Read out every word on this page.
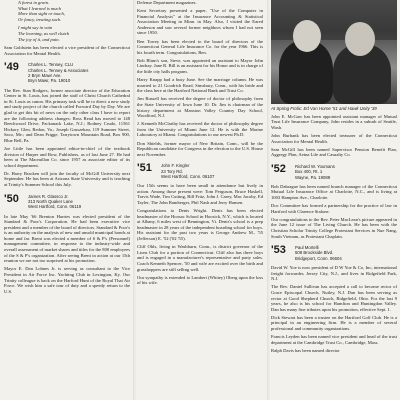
A forest in grain.
What I learned is much
More than sight or touch,
Or fancy, treating such.
I might say in vain
The learning, as well clutch
The joy of it, and pain.

Sam Goldstein has been elected a vice president of the Connecticut Association for Mental Health.

'49	Charles L. Tenney, CLU
Charles L. Tenney & Associates
2 Bryn Mawr Ave.
Bryn Mawr, Pa. 19010

The Rev. Stan Rodgers, former associate director of the Education Center in St. Louis, has joined the staff of Christ Church Cathedral in St. Louis as canon. His primary task will be to direct a new study and study project of the church called Forward Day by Day. We are glad to get this bit of news on the only other class I have to report are the following address changes: Ross Read has moved to 148 Beechwood Drive, Packanack Lake, N.J.; Rodney Crudo, 11561 Hickory Glen, Redon, Va.; Joseph Gruszekau, 119 Summer Street, Saco, Me.; and Dean Prigge, Tarrytown Mountain Road, Box 900, Blue Bell, Pa.

Joe Little has been appointed editor-in-chief of the textbook division of Harper and Row, Publishers, as of last June 27. He had been at The Macmillan Co. since 1957 as associate editor of its school department.

Dr. Harry Bracken will join the faculty of McGill University next September. He has been at Arizona State University and is teaching at Trinity's Summer School this July.

'50	James R. Glassco Jr.
313 North Quaker Lane
West Hartford, Conn. 06119

In late May '66 Brenton Harries was elected president of the Standard & Poor's Corporation. He had been executive vice president and a member of the board of directors. Standard & Poor's is an authority on the analysis of new and unsold municipal bonds at home and far. Brent was elected a member of S & P's (Personnel) management committee, in response to the industry-wide and overall assessment of market shares and titles for the 800 employees of the S & P's organization. After seeing Brent in action at our 15th reunion we are not too surprised at his promotion.

Mayor E. Dan Lohnes Jr. is serving as consultant to the Vice President in Air Force Inc. Yachting Club in Lexington, Ky. Our Trinity colleague is back on the Harford Hunt of the Royal Thai Air Force. We wish him a safe tour of duty and a speedy return to the U.S.

Defense Department magazines.

Kent Secretary presented a paper, "Use of the Computer in Financial Analysis" at the Insurance Accounting & Statistical Association Meeting in Minn. in May. Also, I visited the Eared Anderson and saw several former neighbors whom I had not seen since 1950.

Ben Torrey has been elected to the board of directors of the Connecticut General Life Insurance Co. for the year 1966. This is his fourth term. Congratulations, Ben.

Bob Blum's son, Steve, was appointed an assistant to Mayor John Lindsay. Jane R. Bill is an assistant for his Honor and is in charge of the little city halls program.

Harry Knapp had a busy June. See the marriage column. He was married to 21 Goodrich Road, Simsbury, Conn., with his bride and the class here at the Hartford National Bank and Trust Co.

Jim Russell has received the degree of doctor of philosophy from the State University of Iowa June 10. Dr. Jim is chairman of the history department at Mansion Valley Country Day School, Woodford, N.J.

J. Kenneth McClarthy has received the doctor of philosophy degree from the University of Miami June 12. He is with the Marine Laboratory at Miami. Congratulations to our newest Ph.D.

Don Shields, former mayor of New Britain, Conn., will be the Republican candidate for Congress in the election to the U.S. House next November.

'51	John F. Kingler
23 Tory Rd.
West Hartford, Conn. 06107

Our 15th seems to have been small in attendance but lively in action. Among those present were: Tom Ferguson, Bruce Haskell, Travis Wade, Tim Cutting, Bill Fritz, John J. Carey, Mac Jacoby, Ed Tayler, The John Bamberger, Phil Nash and Jerry Hansen.

Congratulations to Denis Wright. Denis has been elected headmaster of the Hoosac School in Hoosick, N.Y., which is located at Albany, 6 miles west of Bennington, Vt. Denis's school is a prep headmaster in 28 years of the independent boarding school for boys. His assistant for the past two years is George Andrew M., '55 (Jefferson) E. '52 ('02 '55).

Cliff Ohls, living in Washburn, Conn., is district governor of the Lions Club for a portion of Connecticut. Cliff also has three boys and is engaged in a manufacturer's representative and party sales. Coach Kenneth Spencer, '50 and wife are excited over the birth and grasshoppers are still selling well.

Our sympathy is extended to Lambert (Whitey) Oberg upon the loss of his wife.

At Spring Frolic: Ed Van Horne '51 and Hawk Unity '39

John E. McGaw has been appointed assistant manager of Mutual Trust Life Insurance Company, John resides in a suburb of Seattle, Wash.

John Burbank has been elected treasurer of the Connecticut Association for Mental Health.

Sam McGill has been named Supervisor Pension Benefit Plan, Aggregy Plan, Aetna Life and Casualty Co.

'52	Richard W. Youmans
Box 400, Rt. 1
Wayne, Pa. 19089

Bob Dabrague has been named branch manager of the Connecticut Mutual Life Insurance Office at Charlotte, N.C., and is living at 1003 Hampton Ave., Charlotte.

Doc Committee has formed a partnership for the practice of law in Hartford with Clarence Stalone.

Our congratulations to the Rev. Peter MacLean's picture appeared in the June 12 issue of The Living Church. He has been with the Christian Scholar Trinity College Protestant Services in Nue Nang, South Vietnam, as Protestant Chaplain.

'53	Paul Mortelli
508 Brookside Blvd.
Bridgeport, Conn. 06604

David W. Yoe is now president of D W Yoe & Co, Inc, international freight forwarder, Jersey City, N.J., and lives in Ridgefield Park, N.J.

The Rev. Daniel Sullivan has accepted a call to become rector of Grace Episcopal Church, Nutley, N.J. Dan has been serving as rector at Good Shepherd Church, Ridgefield, Ohio. For the last 9 years, he also is his school for Hamfton and Huntingdon Valley. Dan has many fine tributes upon his promotion, effective Sept. 1.

Dick Stewart has been a trustee on the Hartford Golf Club. He is a principal in an engineering firm. He is a member of several professional and community organizations.

Francis Leyden has been named vice president and head of the trust department at the Cambridge Trust Co., Cambridge, Mass.

Ralph Davis has been named director
